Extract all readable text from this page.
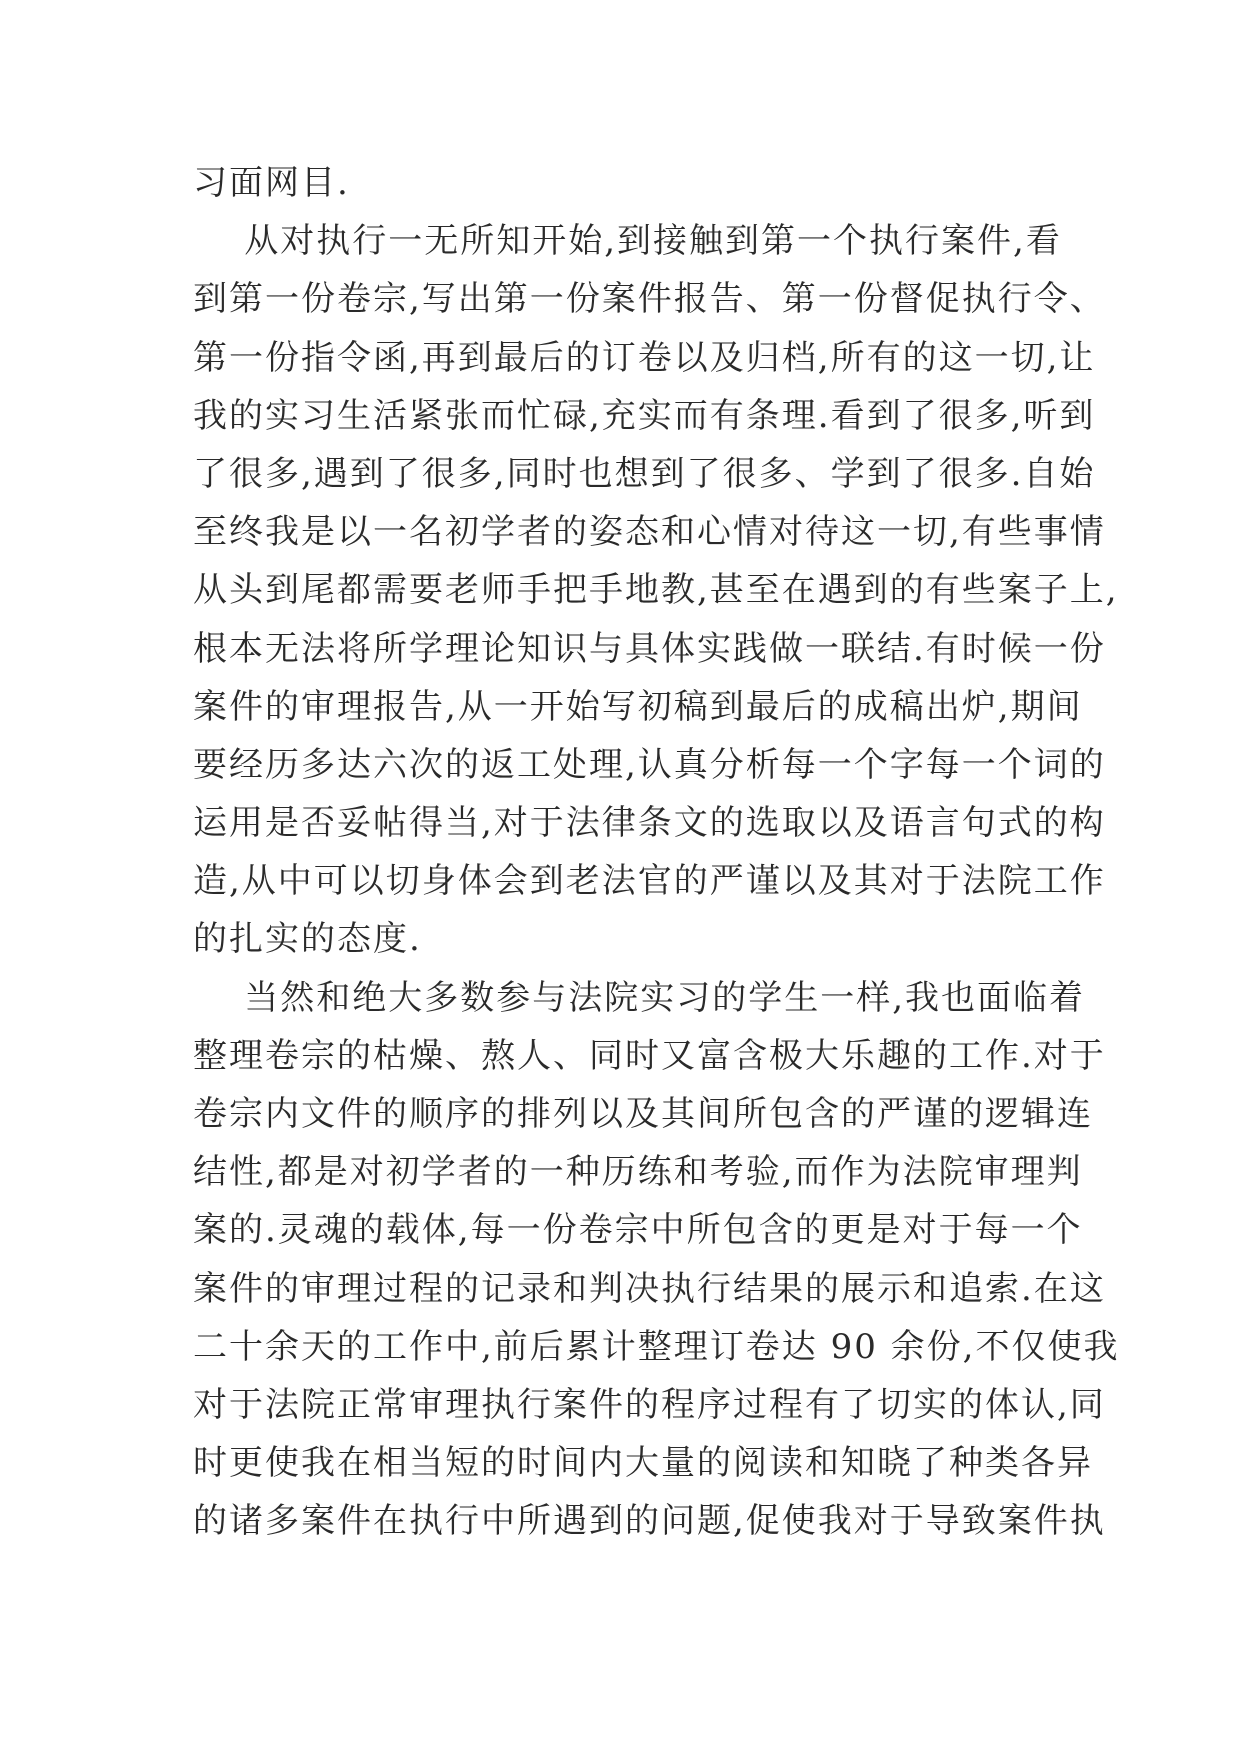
习面网目.
从对执行一无所知开始,到接触到第一个执行案件,看
到第一份卷宗,写出第一份案件报告、第一份督促执行令、
第一份指令函,再到最后的订卷以及归档,所有的这一切,让
我的实习生活紧张而忙碌,充实而有条理.看到了很多,听到
了很多,遇到了很多,同时也想到了很多、学到了很多.自始
至终我是以一名初学者的姿态和心情对待这一切,有些事情
从头到尾都需要老师手把手地教,甚至在遇到的有些案子上,
根本无法将所学理论知识与具体实践做一联结.有时候一份
案件的审理报告,从一开始写初稿到最后的成稿出炉,期间
要经历多达六次的返工处理,认真分析每一个字每一个词的
运用是否妥帖得当,对于法律条文的选取以及语言句式的构
造,从中可以切身体会到老法官的严谨以及其对于法院工作
的扎实的态度.
当然和绝大多数参与法院实习的学生一样,我也面临着
整理卷宗的枯燥、熬人、同时又富含极大乐趣的工作.对于
卷宗内文件的顺序的排列以及其间所包含的严谨的逻辑连
结性,都是对初学者的一种历练和考验,而作为法院审理判
案的.灵魂的载体,每一份卷宗中所包含的更是对于每一个
案件的审理过程的记录和判决执行结果的展示和追索.在这
二十余天的工作中,前后累计整理订卷达 90 余份,不仅使我
对于法院正常审理执行案件的程序过程有了切实的体认,同
时更使我在相当短的时间内大量的阅读和知晓了种类各异
的诸多案件在执行中所遇到的问题,促使我对于导致案件执
